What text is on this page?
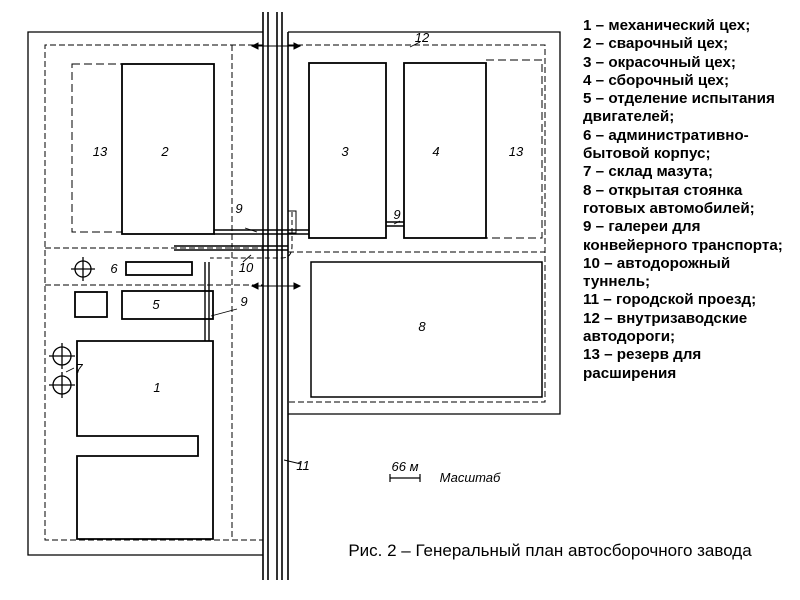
13	2	3	4	13
9	9
6	10
9
5
8
7
1
11
12
66 м
Масштаб
1 – механический цех;
2 – сварочный цех;
3 – окрасочный цех;
4 – сборочный цех;
5 – отделение испытания двигателей;
6 – административно-бытовой корпус;
7 – склад мазута;
8 – открытая стоянка готовых автомобилей;
9 – галереи для конвейерного транспорта;
10 – автодорожный туннель;
11 – городской проезд;
12 – внутризаводские автодороги;
13 – резерв для расширения
Рис. 2 – Генеральный план автосборочного завода
